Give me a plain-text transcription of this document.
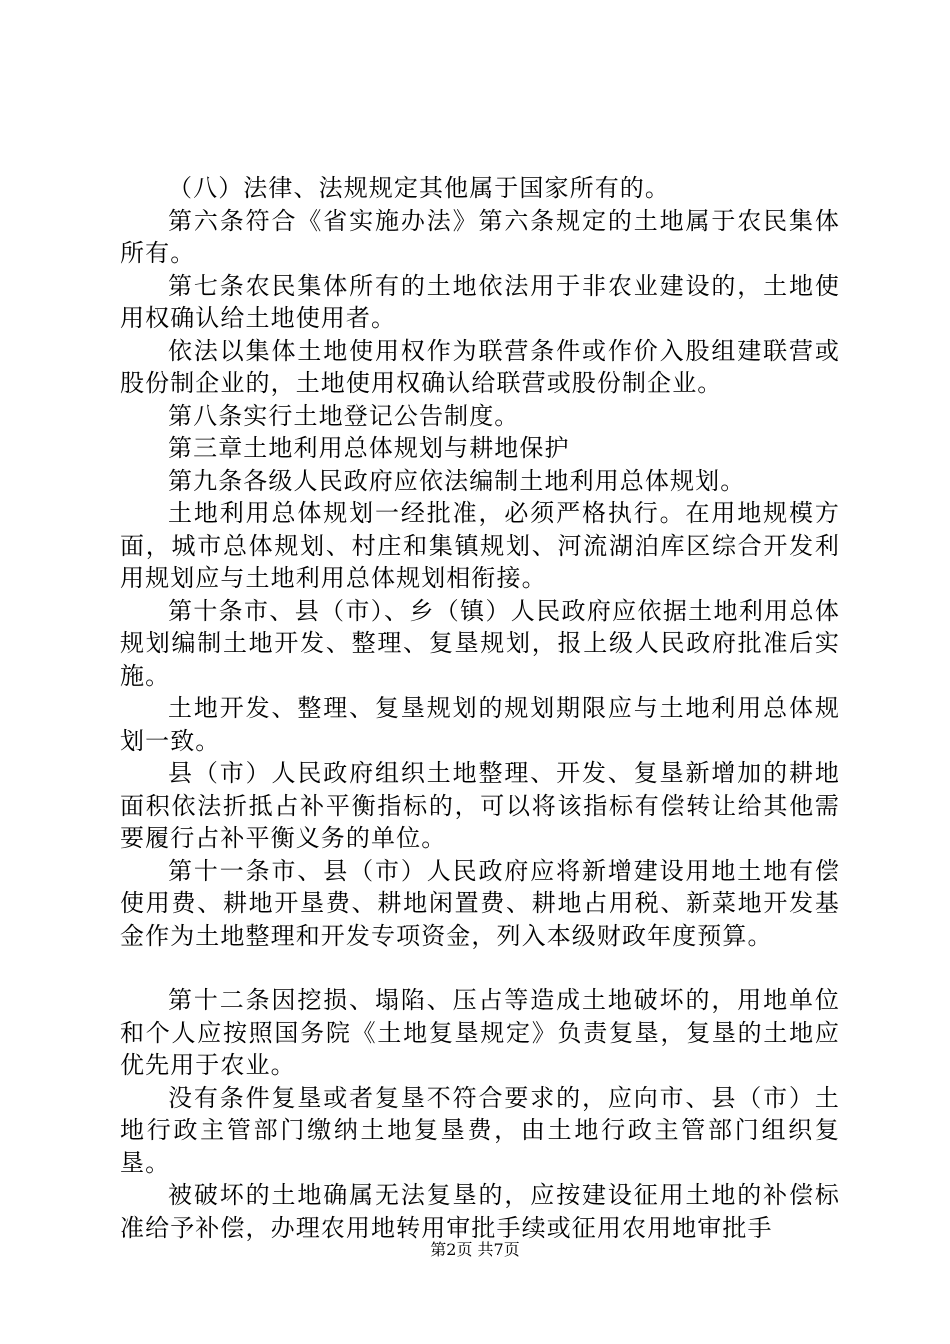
（八）法律、法规规定其他属于国家所有的。

第六条符合《省实施办法》第六条规定的土地属于农民集体所有。

第七条农民集体所有的土地依法用于非农业建设的，土地使用权确认给土地使用者。

依法以集体土地使用权作为联营条件或作价入股组建联营或股份制企业的，土地使用权确认给联营或股份制企业。

第八条实行土地登记公告制度。

第三章土地利用总体规划与耕地保护

第九条各级人民政府应依法编制土地利用总体规划。

土地利用总体规划一经批准，必须严格执行。在用地规模方面，城市总体规划、村庄和集镇规划、河流湖泊库区综合开发利用规划应与土地利用总体规划相衔接。

第十条市、县（市）、乡（镇）人民政府应依据土地利用总体规划编制土地开发、整理、复垦规划，报上级人民政府批准后实施。

土地开发、整理、复垦规划的规划期限应与土地利用总体规划一致。

县（市）人民政府组织土地整理、开发、复垦新增加的耕地面积依法折抵占补平衡指标的，可以将该指标有偿转让给其他需要履行占补平衡义务的单位。

第十一条市、县（市）人民政府应将新增建设用地土地有偿使用费、耕地开垦费、耕地闲置费、耕地占用税、新菜地开发基金作为土地整理和开发专项资金，列入本级财政年度预算。

第十二条因挖损、塌陷、压占等造成土地破坏的，用地单位和个人应按照国务院《土地复垦规定》负责复垦，复垦的土地应优先用于农业。

没有条件复垦或者复垦不符合要求的，应向市、县（市）土地行政主管部门缴纳土地复垦费，由土地行政主管部门组织复垦。

被破坏的土地确属无法复垦的，应按建设征用土地的补偿标准给予补偿，办理农用地转用审批手续或征用农用地审批手

第2页 共7页
